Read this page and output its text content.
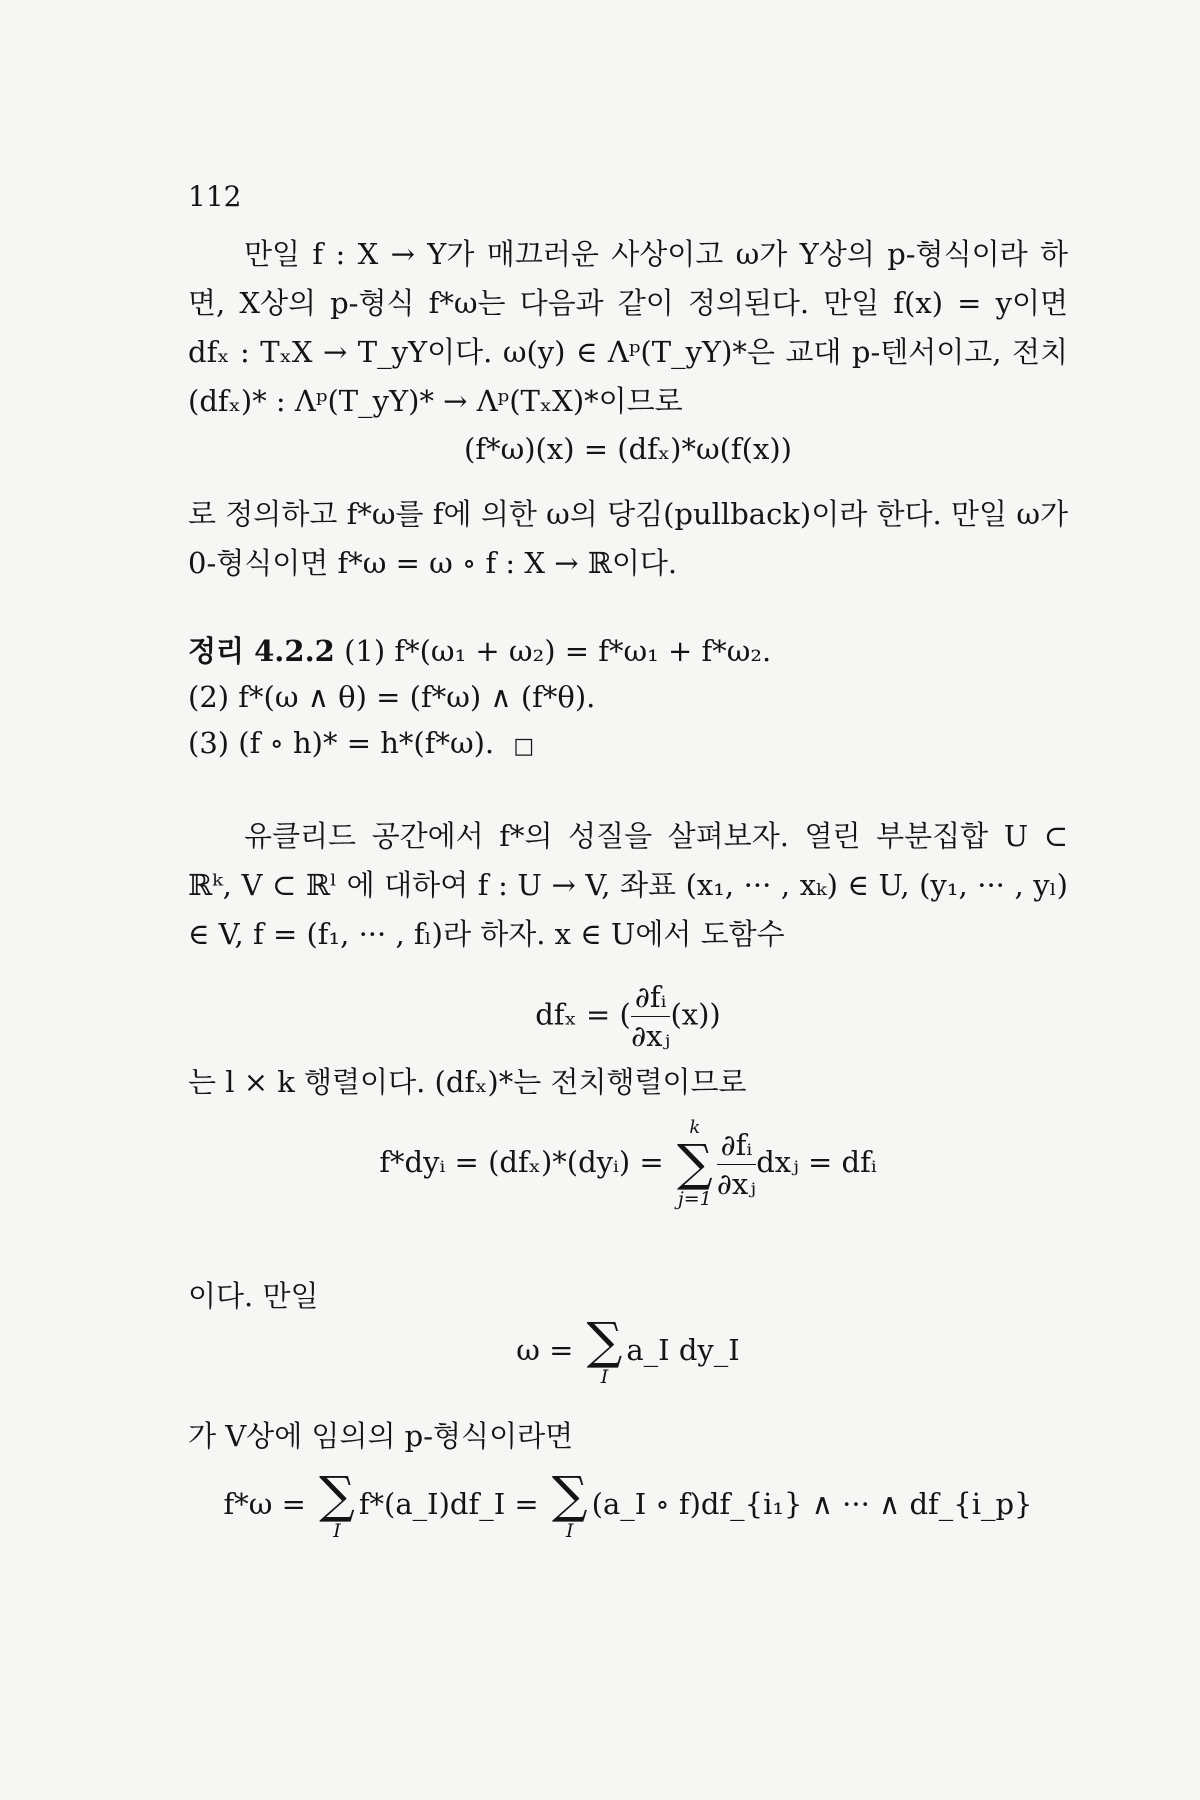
112
만일 f : X → Y가 매끄러운 사상이고 ω가 Y상의 p-형식이라 하면, X상의 p-형식 f*ω는 다음과 같이 정의된다. 만일 f(x) = y이면 dfₓ : TₓX → T_yY이다. ω(y) ∈ Λᵖ(T_yY)*은 교대 p-텐서이고, 전치 (dfₓ)* : Λᵖ(T_yY)* → Λᵖ(TₓX)*이므로
(f*ω)(x) = (dfₓ)*ω(f(x))
로 정의하고 f*ω를 f에 의한 ω의 당김(pullback)이라 한다. 만일 ω가 0-형식이면 f*ω = ω ∘ f : X → ℝ이다.
정리 4.2.2 (1) f*(ω₁ + ω₂) = f*ω₁ + f*ω₂.
(2) f*(ω ∧ θ) = (f*ω) ∧ (f*θ).
(3) (f ∘ h)* = h*(f*ω). □
유클리드 공간에서 f*의 성질을 살펴보자. 열린 부분집합 U ⊂ ℝᵏ, V ⊂ ℝˡ 에 대하여 f : U → V, 좌표 (x₁, ··· , xₖ) ∈ U, (y₁, ··· , yₗ) ∈ V, f = (f₁, ··· , fₗ)라 하자. x ∈ U에서 도함수
dfₓ = ( $\frac{\text{∂fᵢ}}{\text{∂xⱼ}} (x)$)
는 l × k 행렬이다. (dfₓ)*는 전치행렬이므로
f*dyᵢ = (dfₓ)*(dyᵢ) =
k
∑
$j=1 \frac{\text{∂fᵢ}}{\text{∂xⱼ}}$ dxⱼ = dfᵢ
이다. 만일
ω = ∑
I
a_I dy_I
가 V상에 임의의 p-형식이라면
f*ω = ∑
I
f*(a_I)df_I = ∑
I
(a_I ∘ f)df_{i₁} ∧ ··· ∧ df_{i_p}
